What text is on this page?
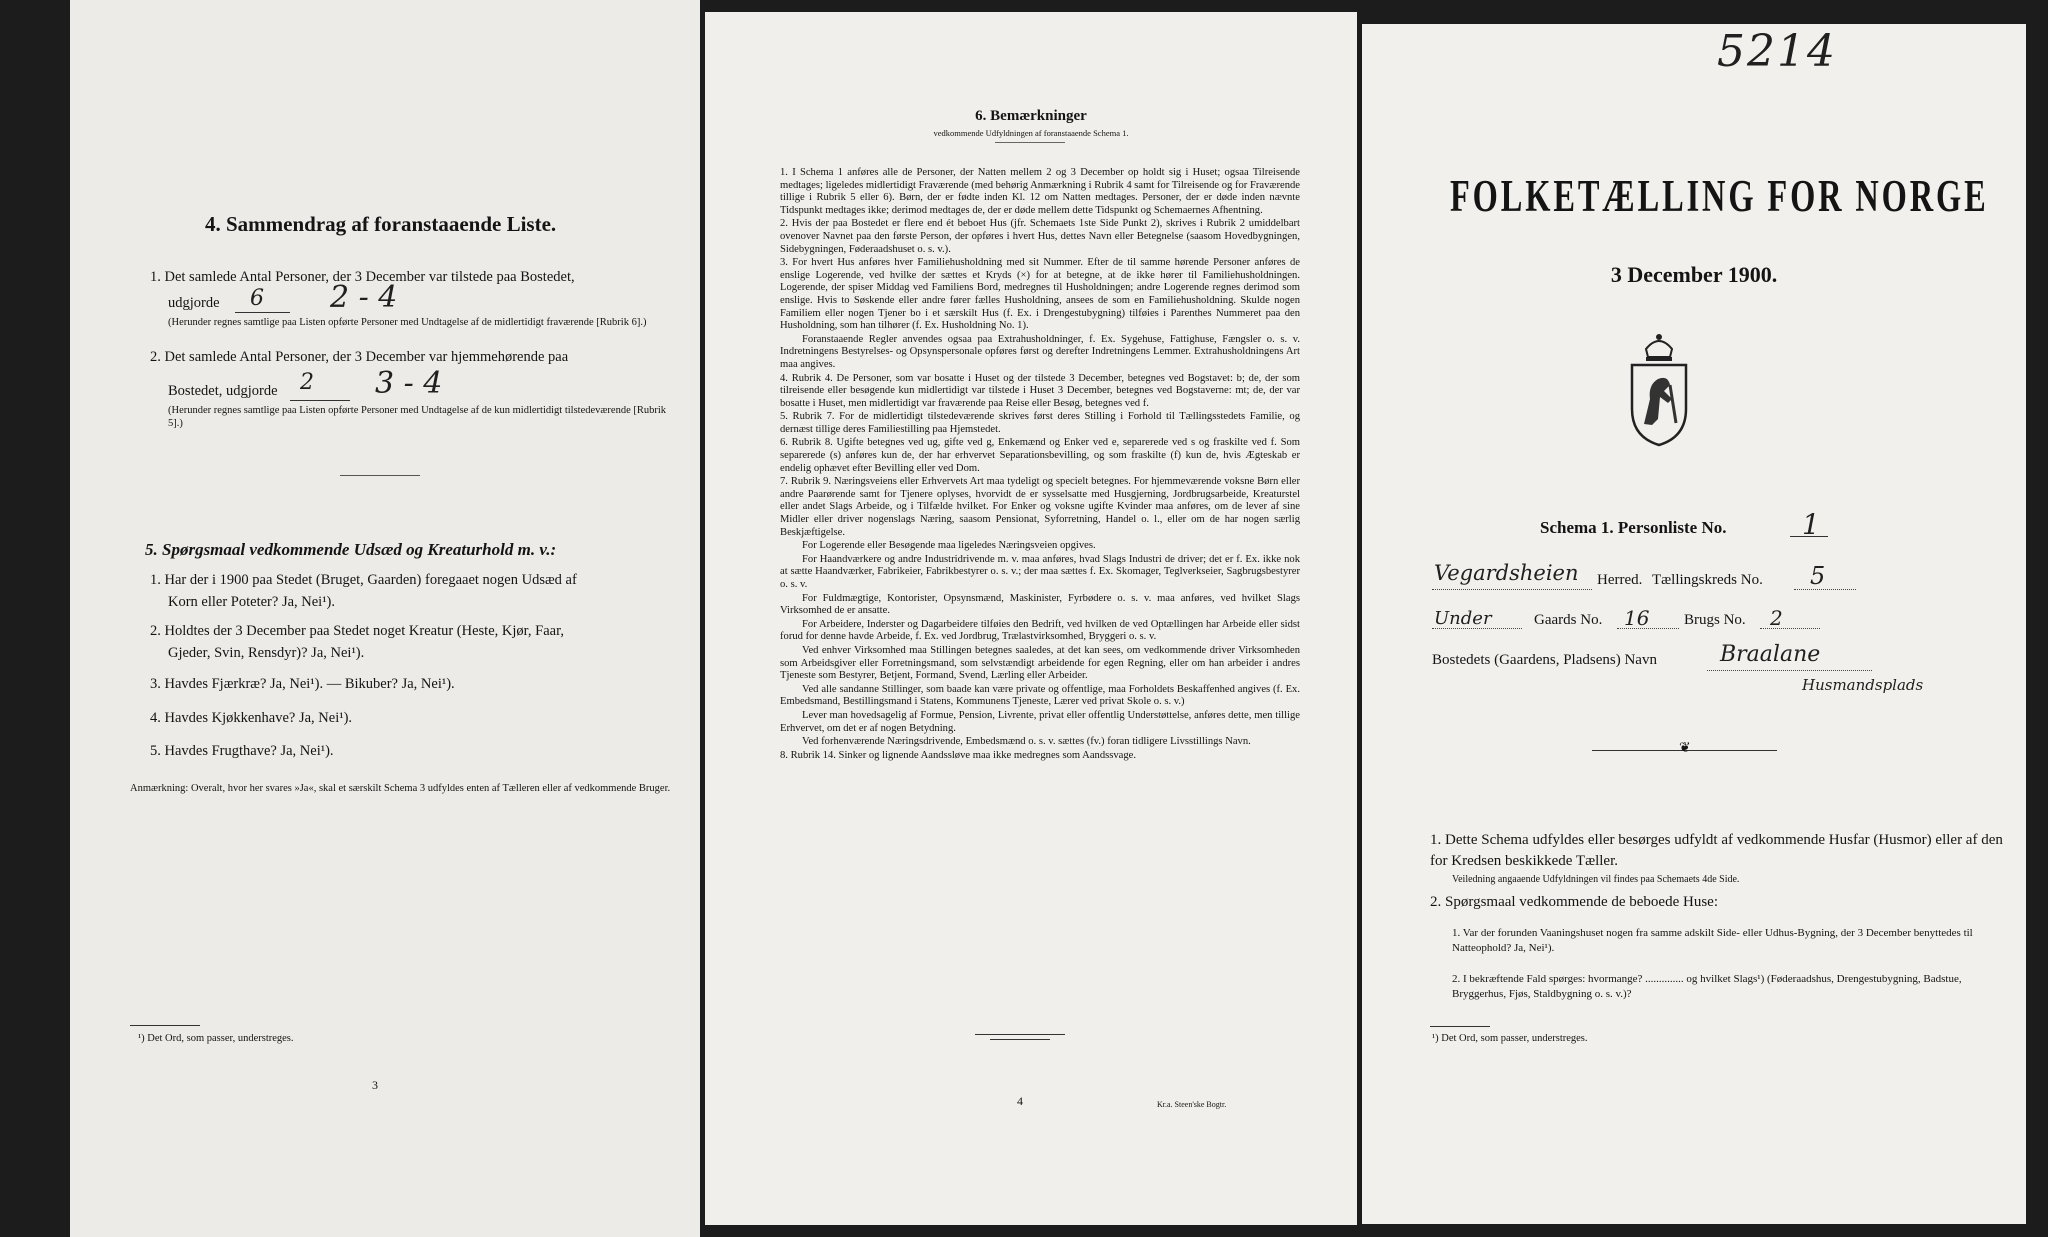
4. Sammendrag af foranstaaende Liste.
1. Det samlede Antal Personer, der 3 December var tilstede paa Bostedet,
udgjorde 6 2 - 4
(Herunder regnes samtlige paa Listen opførte Personer med Undtagelse af de midlertidigt fraværende [Rubrik 6].)
2. Det samlede Antal Personer, der 3 December var hjemmehørende paa
Bostedet, udgjorde 2 3 - 4
(Herunder regnes samtlige paa Listen opførte Personer med Undtagelse af de kun midlertidigt tilstedeværende [Rubrik 5].)
5. Spørgsmaal vedkommende Udsæd og Kreaturhold m. v.:
1. Har der i 1900 paa Stedet (Bruget, Gaarden) foregaaet nogen Udsæd af
Korn eller Poteter? Ja, Nei¹).
2. Holdtes der 3 December paa Stedet noget Kreatur (Heste, Kjør, Faar,
Gjeder, Svin, Rensdyr)? Ja, Nei¹).
3. Havdes Fjærkræ? Ja, Nei¹). — Bikuber? Ja, Nei¹).
4. Havdes Kjøkkenhave? Ja, Nei¹).
5. Havdes Frugthave? Ja, Nei¹).
Anmærkning: Overalt, hvor her svares »Ja«, skal et særskilt Schema 3 udfyldes enten af Tælleren eller af vedkommende Bruger.
¹) Det Ord, som passer, understreges.
3
6. Bemærkninger
vedkommende Udfyldningen af foranstaaende Schema 1.
1. I Schema 1 anføres alle de Personer, der Natten mellem 2 og 3 December op holdt sig i Huset; ogsaa Tilreisende medtages; ligeledes midlertidigt Fraværende (med behørig Anmærkning i Rubrik 4 samt for Tilreisende og for Fraværende tillige i Rubrik 5 eller 6). Børn, der er fødte inden Kl. 12 om Natten medtages. Personer, der er døde inden nævnte Tidspunkt medtages ikke; derimod medtages de, der er døde mellem dette Tidspunkt og Schemaernes Afhentning.
2. Hvis der paa Bostedet er flere end ét beboet Hus (jfr. Schemaets 1ste Side Punkt 2), skrives i Rubrik 2 umiddelbart ovenover Navnet paa den første Person, der opføres i hvert Hus, dettes Navn eller Betegnelse (saasom Hovedbygningen, Sidebygningen, Føderaadshuset o. s. v.).
3. For hvert Hus anføres hver Familiehusholdning med sit Nummer. Efter de til samme hørende Personer anføres de enslige Logerende, ved hvilke der sættes et Kryds (×) for at betegne, at de ikke hører til Familiehusholdningen. Logerende, der spiser Middag ved Familiens Bord, medregnes til Husholdningen; andre Logerende regnes derimod som enslige. Hvis to Søskende eller andre fører fælles Husholdning, ansees de som en Familiehusholdning. Skulde nogen Familiem eller nogen Tjener bo i et særskilt Hus (f. Ex. i Drengestubygning) tilføies i Parenthes Nummeret paa den Husholdning, som han tilhører (f. Ex. Husholdning No. 1).
Foranstaaende Regler anvendes ogsaa paa Extrahusholdninger, f. Ex. Sygehuse, Fattighuse, Fængsler o. s. v. Indretningens Bestyrelses- og Opsynspersonale opføres først og derefter Indretningens Lemmer. Extrahusholdningens Art maa angives.
4. Rubrik 4. De Personer, som var bosatte i Huset og der tilstede 3 December, betegnes ved Bogstavet: b; de, der som tilreisende eller besøgende kun midlertidigt var tilstede i Huset 3 December, betegnes ved Bogstaverne: mt; de, der var bosatte i Huset, men midlertidigt var fraværende paa Reise eller Besøg, betegnes ved f.
5. Rubrik 7. For de midlertidigt tilstedeværende skrives først deres Stilling i Forhold til Tællingsstedets Familie, og dernæst tillige deres Familiestilling paa Hjemstedet.
6. Rubrik 8. Ugifte betegnes ved ug, gifte ved g, Enkemænd og Enker ved e, separerede ved s og fraskilte ved f. Som separerede (s) anføres kun de, der har erhvervet Separationsbevilling, og som fraskilte (f) kun de, hvis Ægteskab er endelig ophævet efter Bevilling eller ved Dom.
7. Rubrik 9. Næringsveiens eller Erhvervets Art maa tydeligt og specielt betegnes. For hjemmeværende voksne Børn eller andre Paarørende samt for Tjenere oplyses, hvorvidt de er sysselsatte med Husgjerning, Jordbrugsarbeide, Kreaturstel eller andet Slags Arbeide, og i Tilfælde hvilket. For Enker og voksne ugifte Kvinder maa anføres, om de lever af sine Midler eller driver nogenslags Næring, saasom Pensionat, Syforretning, Handel o. l., eller om de har nogen særlig Beskjæftigelse.
For Logerende eller Besøgende maa ligeledes Næringsveien opgives.
For Haandværkere og andre Industridrivende m. v. maa anføres, hvad Slags Industri de driver; det er f. Ex. ikke nok at sætte Haandværker, Fabrikeier, Fabrikbestyrer o. s. v.; der maa sættes f. Ex. Skomager, Teglverkseier, Sagbrugsbestyrer o. s. v.
For Fuldmægtige, Kontorister, Opsynsmænd, Maskinister, Fyrbødere o. s. v. maa anføres, ved hvilket Slags Virksomhed de er ansatte.
For Arbeidere, Inderster og Dagarbeidere tilføies den Bedrift, ved hvilken de ved Optællingen har Arbeide eller sidst forud for denne havde Arbeide, f. Ex. ved Jordbrug, Trælastvirksomhed, Bryggeri o. s. v.
Ved enhver Virksomhed maa Stillingen betegnes saaledes, at det kan sees, om vedkommende driver Virksomheden som Arbeidsgiver eller Forretningsmand, som selvstændigt arbeidende for egen Regning, eller om han arbeider i andres Tjeneste som Bestyrer, Betjent, Formand, Svend, Lærling eller Arbeider.
Ved alle sandanne Stillinger, som baade kan være private og offentlige, maa Forholdets Beskaffenhed angives (f. Ex. Embedsmand, Bestillingsmand i Statens, Kommunens Tjeneste, Lærer ved privat Skole o. s. v.)
Lever man hovedsagelig af Formue, Pension, Livrente, privat eller offentlig Understøttelse, anføres dette, men tillige Erhvervet, om det er af nogen Betydning.
Ved forhenværende Næringsdrivende, Embedsmænd o. s. v. sættes (fv.) foran tidligere Livsstillings Navn.
8. Rubrik 14. Sinker og lignende Aandssløve maa ikke medregnes som Aandssvage.
4	Kr.a. Steen'ske Bogtr.
5214
FOLKETÆLLING FOR NORGE
3 December 1900.
Schema 1. Personliste No.	1
Vegardsheien Herred. Tællingskreds No. 5
Under	Gaards No. 16 Brugs No. 2
Bostedets (Gaardens, Pladsens) Navn	Braalane
Husmandsplads
❦
1. Dette Schema udfyldes eller besørges udfyldt af vedkommende Husfar (Husmor) eller af den for Kredsen beskikkede Tæller.
Veiledning angaaende Udfyldningen vil findes paa Schemaets 4de Side.
2. Spørgsmaal vedkommende de beboede Huse:
1. Var der forunden Vaaningshuset nogen fra samme adskilt Side- eller Udhus-Bygning, der 3 December benyttedes til Natteophold? Ja, Nei¹).
2. I bekræftende Fald spørges: hvormange? .............. og hvilket Slags¹) (Føderaadshus, Drengestubygning, Badstue, Bryggerhus, Fjøs, Staldbygning o. s. v.)?
¹) Det Ord, som passer, understreges.
